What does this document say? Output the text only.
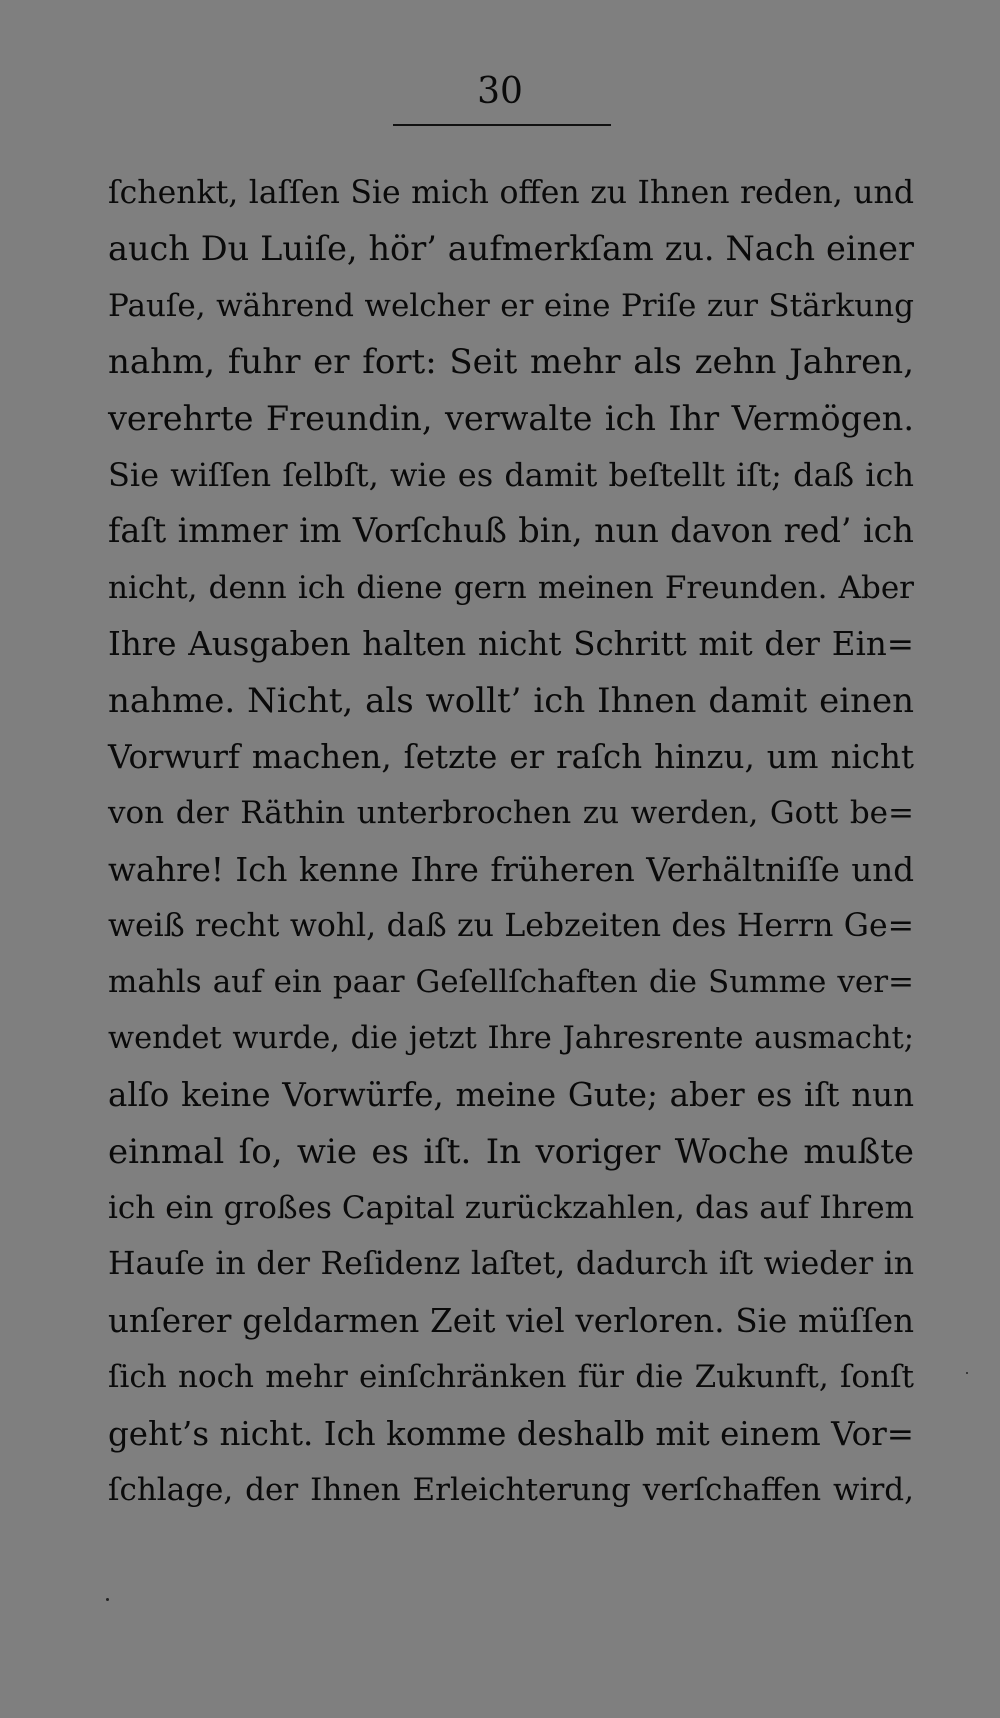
30
ſchenkt, laſſen Sie mich offen zu Ihnen reden, und
auch Du Luiſe, hör’ aufmerkſam zu. Nach einer
Pauſe, während welcher er eine Priſe zur Stärkung
nahm, fuhr er fort: Seit mehr als zehn Jahren,
verehrte Freundin, verwalte ich Ihr Vermögen.
Sie wiſſen ſelbſt, wie es damit beſtellt iſt; daß ich
faſt immer im Vorſchuß bin, nun davon red’ ich
nicht, denn ich diene gern meinen Freunden. Aber
Ihre Ausgaben halten nicht Schritt mit der Ein=
nahme. Nicht, als wollt’ ich Ihnen damit einen
Vorwurf machen, ſetzte er raſch hinzu, um nicht
von der Räthin unterbrochen zu werden, Gott be=
wahre! Ich kenne Ihre früheren Verhältniſſe und
weiß recht wohl, daß zu Lebzeiten des Herrn Ge=
mahls auf ein paar Geſellſchaften die Summe ver=
wendet wurde, die jetzt Ihre Jahresrente ausmacht;
alſo keine Vorwürfe, meine Gute; aber es iſt nun
einmal ſo, wie es iſt. In voriger Woche mußte
ich ein großes Capital zurückzahlen, das auf Ihrem
Hauſe in der Reſidenz laſtet, dadurch iſt wieder in
unſerer geldarmen Zeit viel verloren. Sie müſſen
ſich noch mehr einſchränken für die Zukunft, ſonſt
geht’s nicht. Ich komme deshalb mit einem Vor=
ſchlage, der Ihnen Erleichterung verſchaffen wird,
